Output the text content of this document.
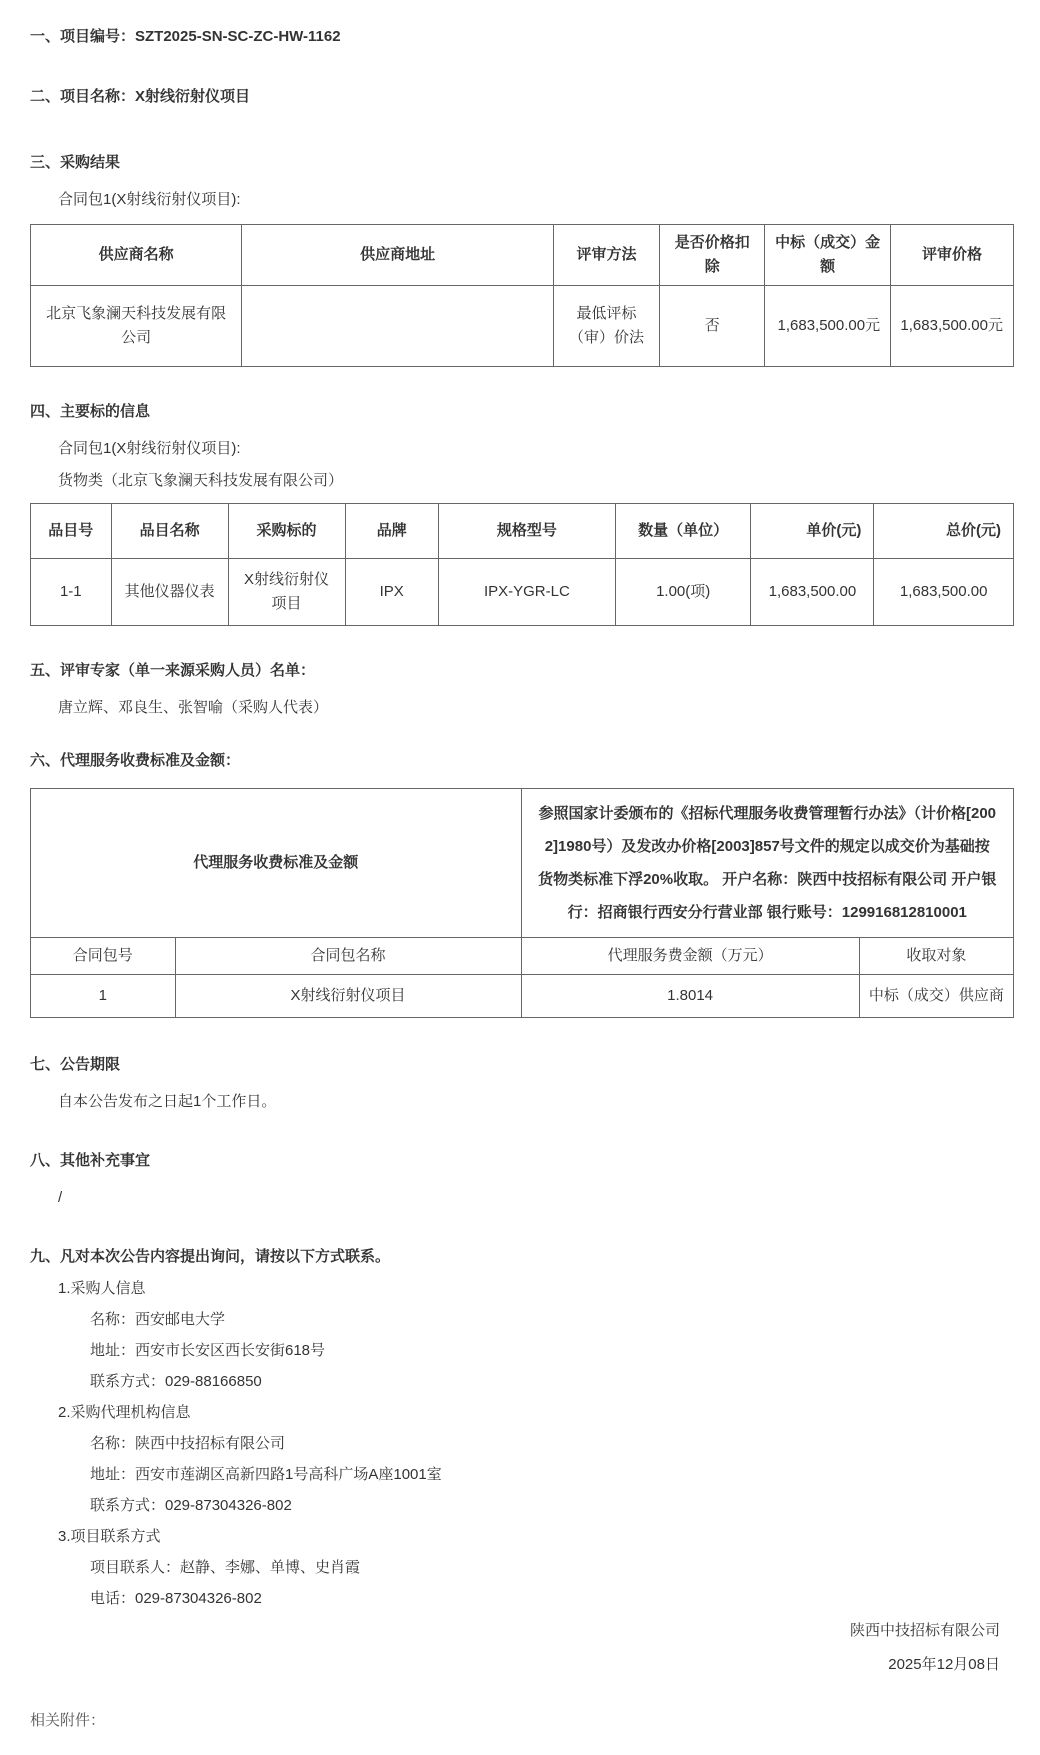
一、项目编号：SZT2025-SN-SC-ZC-HW-1162
二、项目名称：X射线衍射仪项目
三、采购结果
合同包1(X射线衍射仪项目):
供应商名称	供应商地址	评审方法	是否价格扣除	中标（成交）金额	评审价格
北京飞象澜天科技发展有限公司		最低评标（审）价法	否	1,683,500.00元	1,683,500.00元
四、主要标的信息
合同包1(X射线衍射仪项目):
货物类（北京飞象澜天科技发展有限公司）
品目号	品目名称	采购标的	品牌	规格型号	数量（单位）	单价(元)	总价(元)
1-1	其他仪器仪表	X射线衍射仪项目	IPX	IPX-YGR-LC	1.00(项)	1,683,500.00	1,683,500.00
五、评审专家（单一来源采购人员）名单：
唐立辉、邓良生、张智喻（采购人代表）
六、代理服务收费标准及金额：
代理服务收费标准及金额		参照国家计委颁布的《招标代理服务收费管理暂行办法》（计价格[2002]1980号）及发改办价格[2003]857号文件的规定以成交价为基础按货物类标准下浮20%收取。 开户名称：陕西中技招标有限公司 开户银行：招商银行西安分行营业部 银行账号：129916812810001	
合同包号	合同包名称	代理服务费金额（万元）	收取对象
1	X射线衍射仪项目	1.8014	中标（成交）供应商
七、公告期限
自本公告发布之日起1个工作日。
八、其他补充事宜
/
九、凡对本次公告内容提出询问，请按以下方式联系。
1.采购人信息
名称：西安邮电大学
地址：西安市长安区西长安街618号
联系方式：029-88166850
2.采购代理机构信息
名称：陕西中技招标有限公司
地址：西安市莲湖区高新四路1号高科广场A座1001室
联系方式：029-87304326-802
3.项目联系方式
项目联系人：赵静、李娜、单博、史肖霞
电话：029-87304326-802
陕西中技招标有限公司
2025年12月08日
相关附件：
